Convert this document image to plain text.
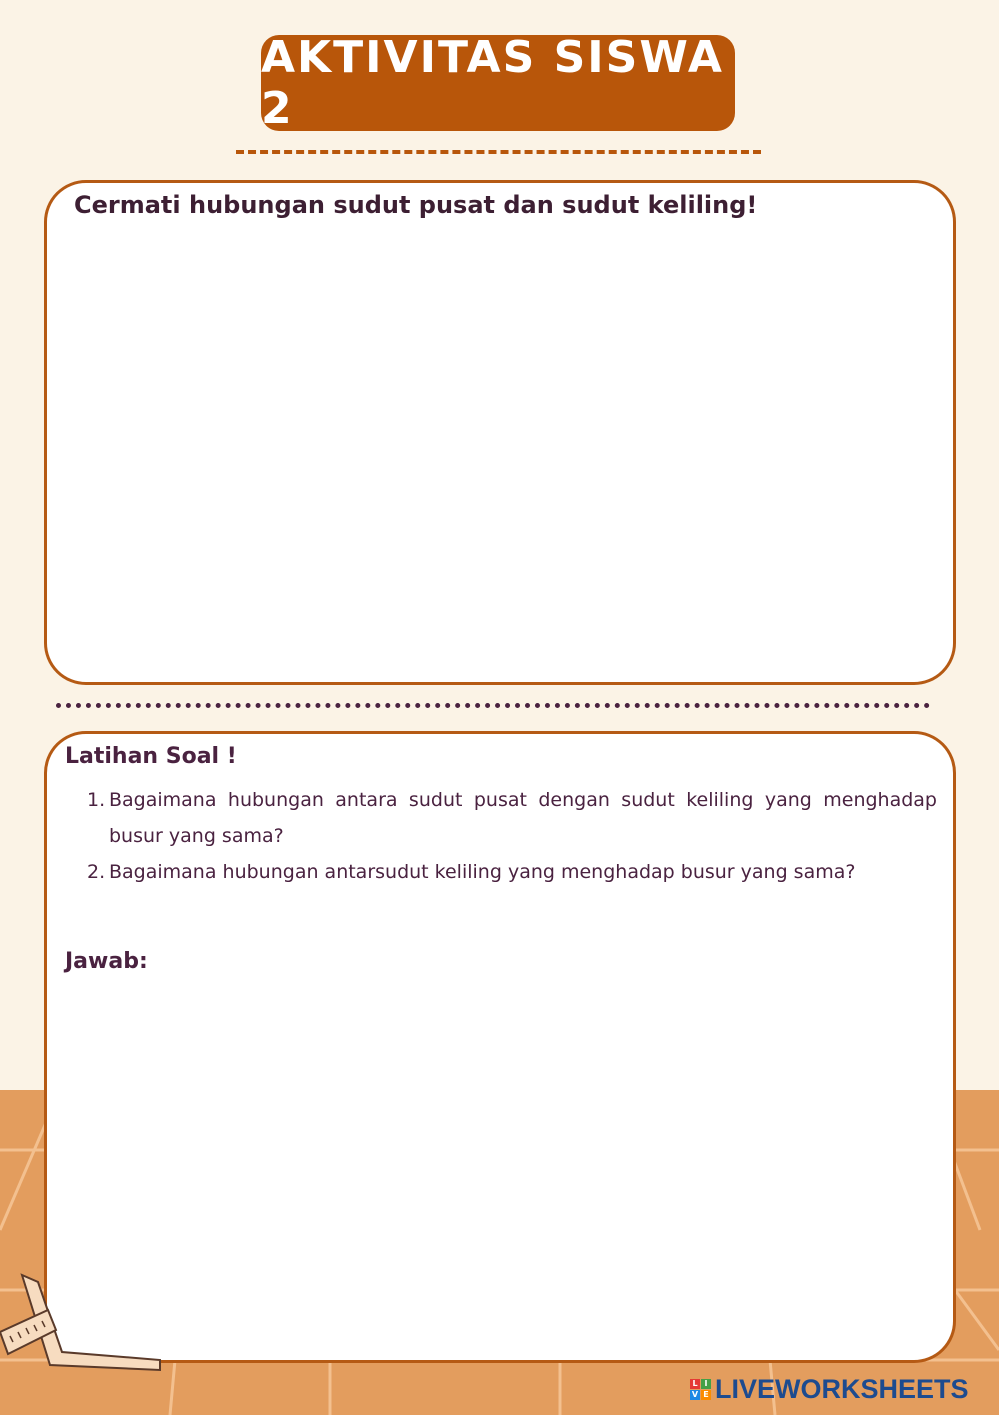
AKTIVITAS SISWA 2
Cermati hubungan sudut pusat dan sudut keliling!
Latihan Soal !
1. Bagaimana hubungan antara sudut pusat dengan sudut keliling yang menghadap busur yang sama?
2. Bagaimana hubungan antarsudut keliling yang menghadap busur yang sama?
Jawab:
L I
V E LIVEWORKSHEETS
